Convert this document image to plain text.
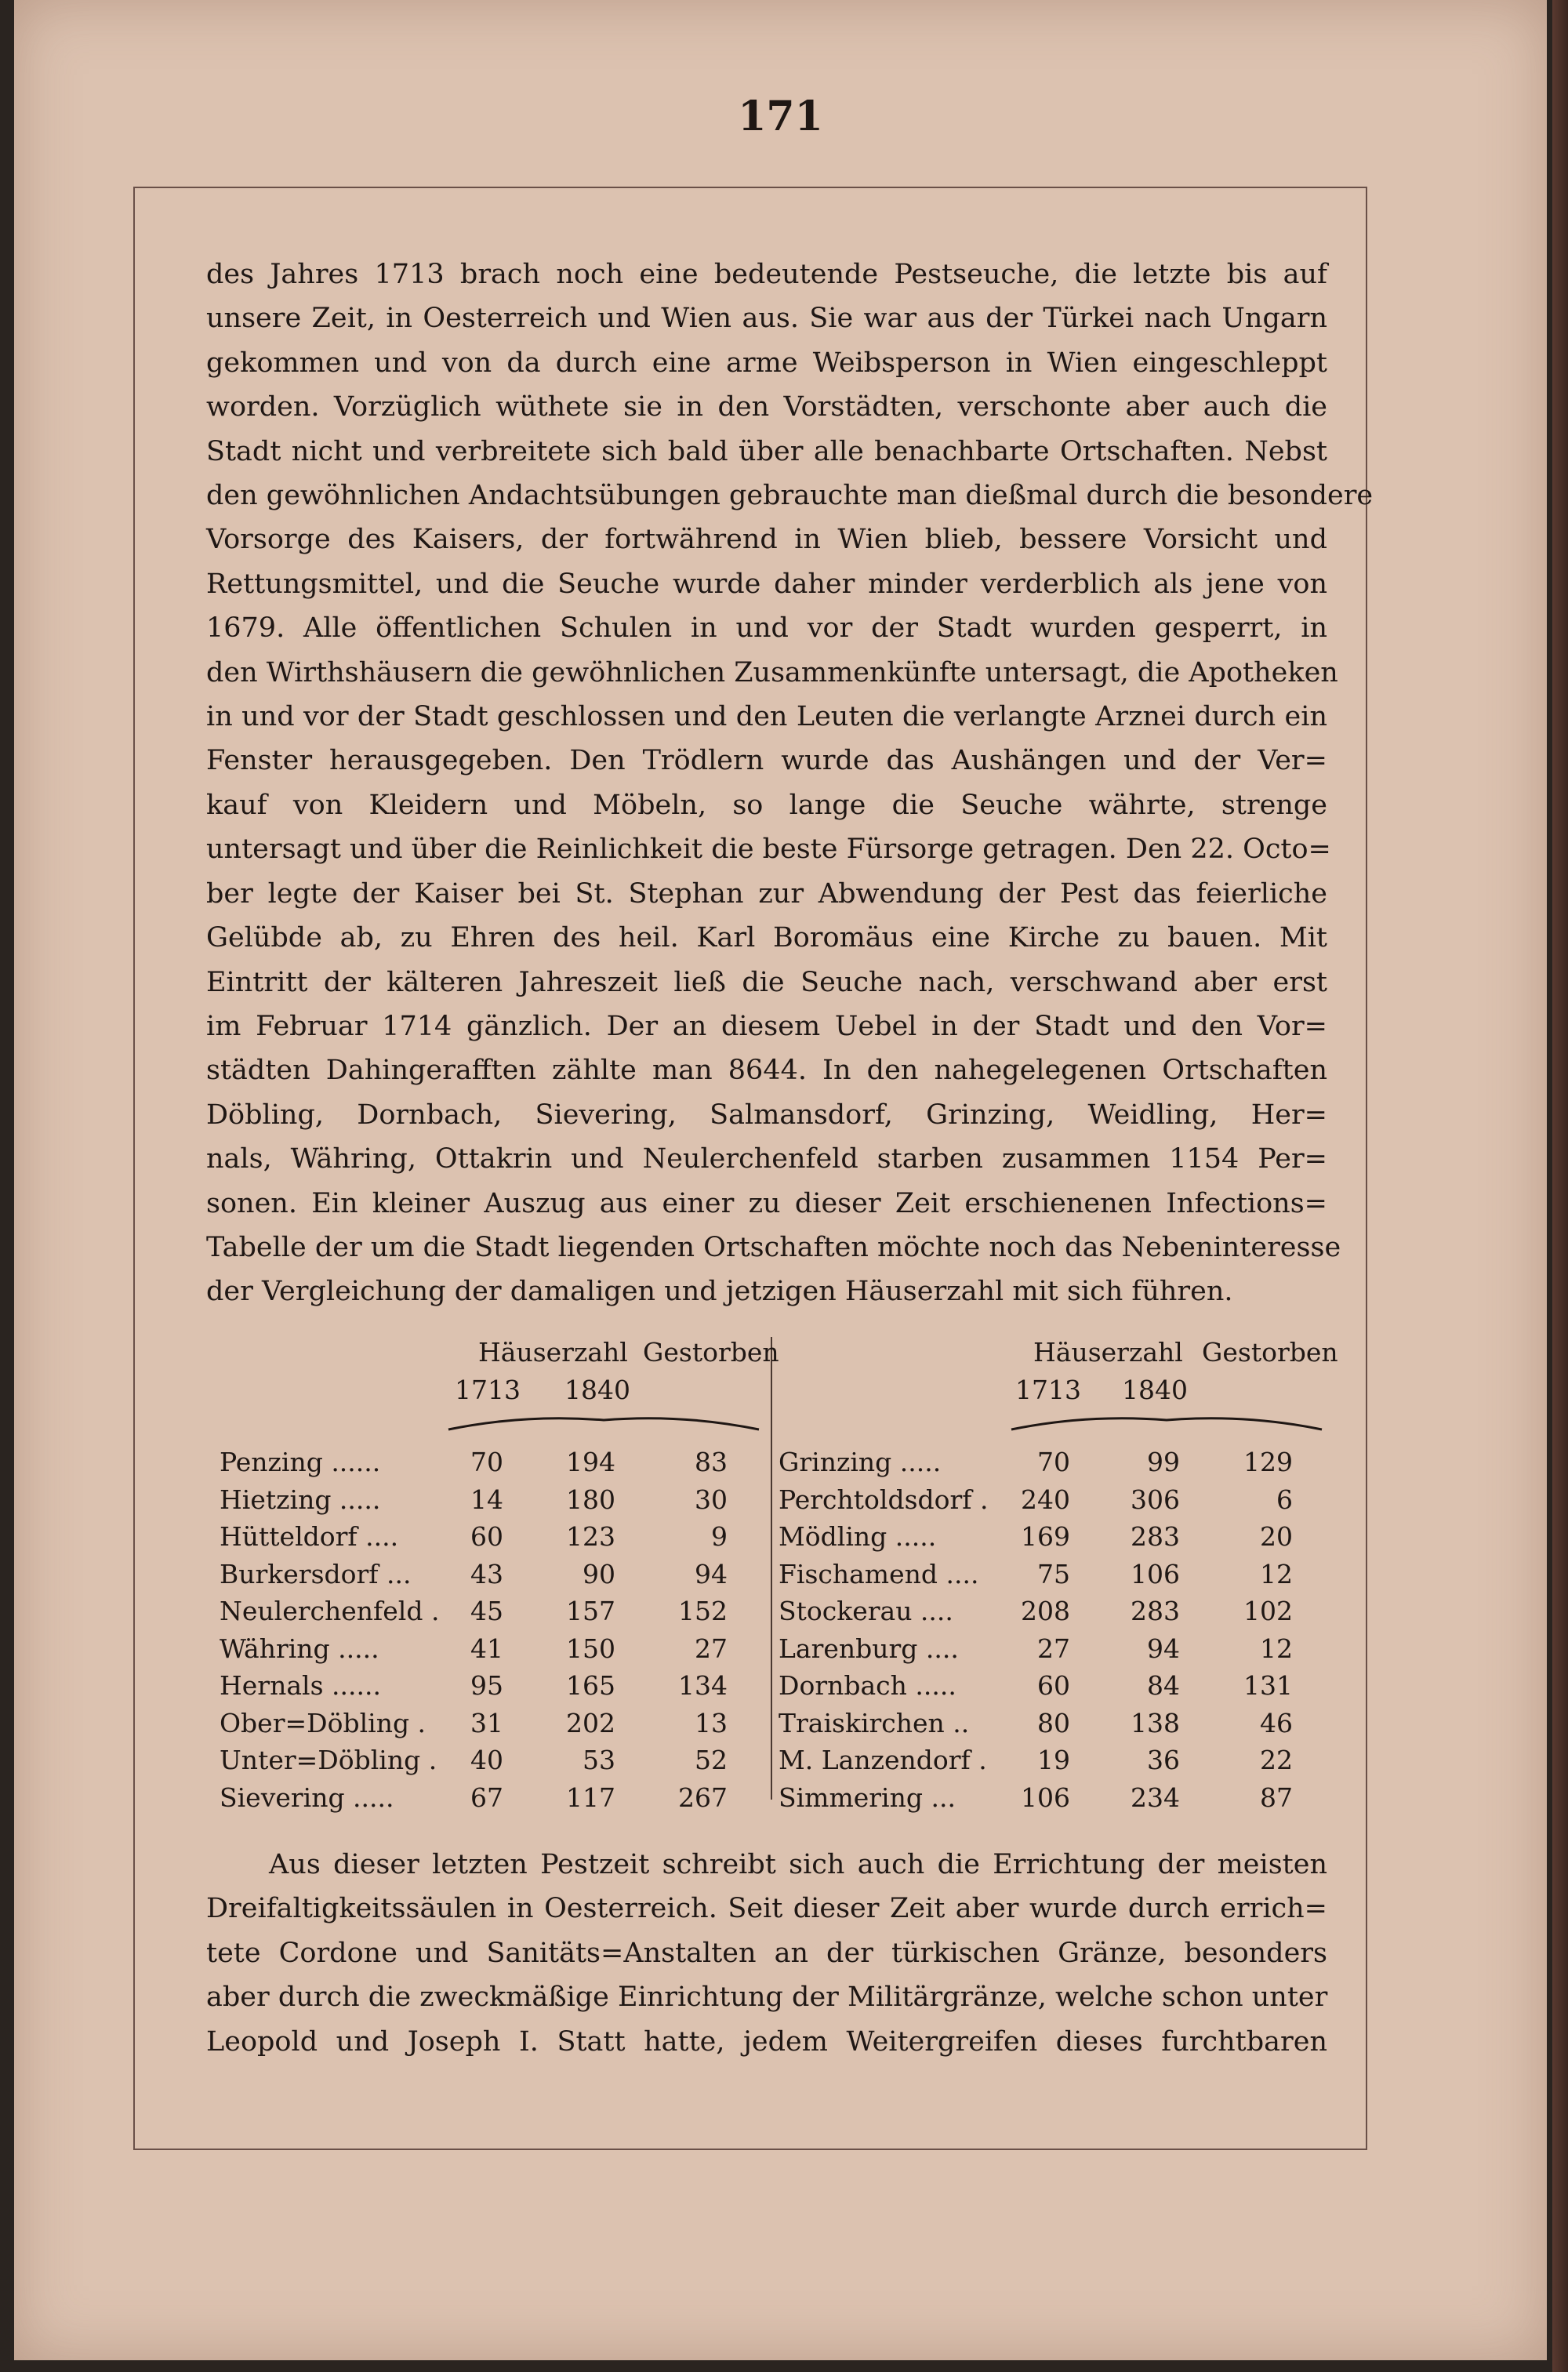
171
des Jahres 1713 brach noch eine bedeutende Pestseuche, die letzte bis auf
unsere Zeit, in Oesterreich und Wien aus. Sie war aus der Türkei nach Ungarn
gekommen und von da durch eine arme Weibsperson in Wien eingeschleppt
worden. Vorzüglich wüthete sie in den Vorstädten, verschonte aber auch die
Stadt nicht und verbreitete sich bald über alle benachbarte Ortschaften. Nebst
den gewöhnlichen Andachtsübungen gebrauchte man dießmal durch die besondere
Vorsorge des Kaisers, der fortwährend in Wien blieb, bessere Vorsicht und
Rettungsmittel, und die Seuche wurde daher minder verderblich als jene von
1679. Alle öffentlichen Schulen in und vor der Stadt wurden gesperrt, in
den Wirthshäusern die gewöhnlichen Zusammenkünfte untersagt, die Apotheken
in und vor der Stadt geschlossen und den Leuten die verlangte Arznei durch ein
Fenster herausgegeben. Den Trödlern wurde das Aushängen und der Ver=
kauf von Kleidern und Möbeln, so lange die Seuche währte, strenge
untersagt und über die Reinlichkeit die beste Fürsorge getragen. Den 22. Octo=
ber legte der Kaiser bei St. Stephan zur Abwendung der Pest das feierliche
Gelübde ab, zu Ehren des heil. Karl Boromäus eine Kirche zu bauen. Mit
Eintritt der kälteren Jahreszeit ließ die Seuche nach, verschwand aber erst
im Februar 1714 gänzlich. Der an diesem Uebel in der Stadt und den Vor=
städten Dahingerafften zählte man 8644. In den nahegelegenen Ortschaften
Döbling, Dornbach, Sievering, Salmansdorf, Grinzing, Weidling, Her=
nals, Währing, Ottakrin und Neulerchenfeld starben zusammen 1154 Per=
sonen. Ein kleiner Auszug aus einer zu dieser Zeit erschienenen Infections=
Tabelle der um die Stadt liegenden Ortschaften möchte noch das Nebeninteresse
der Vergleichung der damaligen und jetzigen Häuserzahl mit sich führen.
Häuserzahl Gestorben
1713 1840
Penzing ......	70	194	83
Hietzing .....	14	180	30
Hütteldorf ....	60	123	9
Burkersdorf ...	43	90	94
Neulerchenfeld .	45	157	152
Währing .....	41	150	27
Hernals ......	95	165	134
Ober=Döbling .	31	202	13
Unter=Döbling .	40	53	52
Sievering .....	67	117	267
Häuserzahl Gestorben
1713 1840
Grinzing .....	70	99	129
Perchtoldsdorf .	240	306	6
Mödling .....	169	283	20
Fischamend ....	75	106	12
Stockerau ....	208	283	102
Larenburg ....	27	94	12
Dornbach .....	60	84	131
Traiskirchen ..	80	138	46
M. Lanzendorf .	19	36	22
Simmering ...	106	234	87
Aus dieser letzten Pestzeit schreibt sich auch die Errichtung der meisten
Dreifaltigkeitssäulen in Oesterreich. Seit dieser Zeit aber wurde durch errich=
tete Cordone und Sanitäts=Anstalten an der türkischen Gränze, besonders
aber durch die zweckmäßige Einrichtung der Militärgränze, welche schon unter
Leopold und Joseph I. Statt hatte, jedem Weitergreifen dieses furchtbaren
